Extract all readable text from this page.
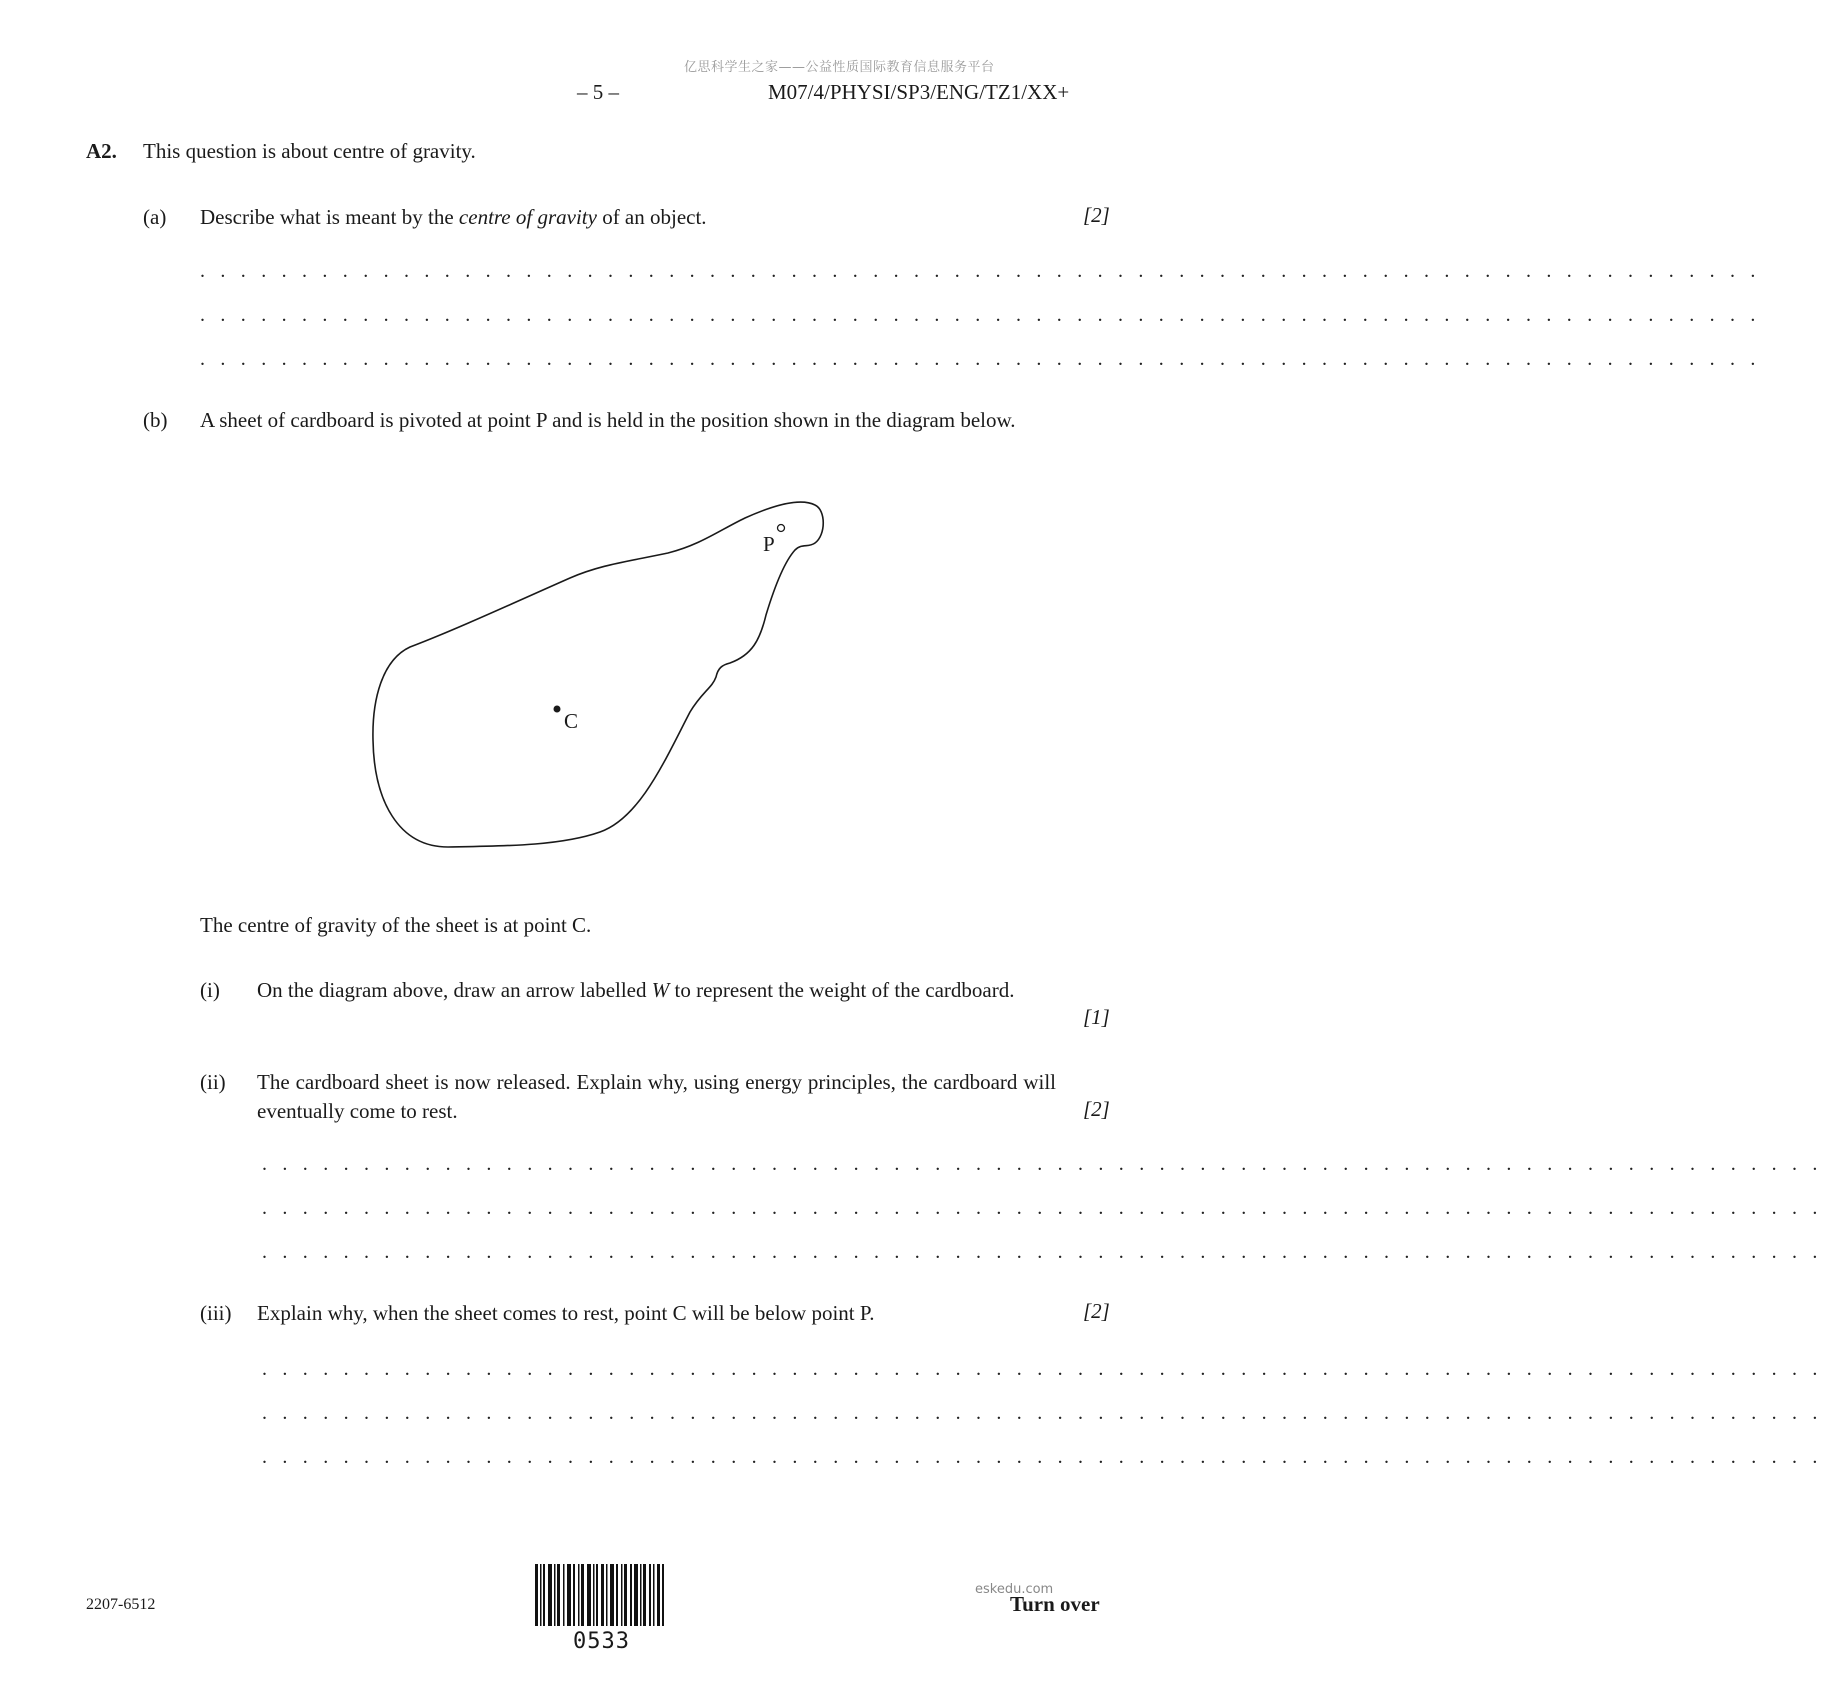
亿思科学生之家——公益性质国际教育信息服务平台
– 5 –	M07/4/PHYSI/SP3/ENG/TZ1/XX+
A2. This question is about centre of gravity.
(a) Describe what is meant by the centre of gravity of an object.	[2]
. . . . . . . . . . . . . . . . . . . . . . . . . . . . . . . . . . . . . . . . . . . . . . . . . . . . . . . . . . . . . . . . . . . . . . . . . . . . .
. . . . . . . . . . . . . . . . . . . . . . . . . . . . . . . . . . . . . . . . . . . . . . . . . . . . . . . . . . . . . . . . . . . . . . . . . . . . .
. . . . . . . . . . . . . . . . . . . . . . . . . . . . . . . . . . . . . . . . . . . . . . . . . . . . . . . . . . . . . . . . . . . . . . . . . . . . .
(b) A sheet of cardboard is pivoted at point P and is held in the position shown in the diagram below.
P
C
The centre of gravity of the sheet is at point C.
(i) On the diagram above, draw an arrow labelled W to represent the weight of the cardboard.
[1]
(ii) The cardboard sheet is now released. Explain why, using energy principles, the cardboard will eventually come to rest.	[2]
. . . . . . . . . . . . . . . . . . . . . . . . . . . . . . . . . . . . . . . . . . . . . . . . . . . . . . . . . . . . . . . . . . . . . . . . . . . . .
. . . . . . . . . . . . . . . . . . . . . . . . . . . . . . . . . . . . . . . . . . . . . . . . . . . . . . . . . . . . . . . . . . . . . . . . . . . . .
. . . . . . . . . . . . . . . . . . . . . . . . . . . . . . . . . . . . . . . . . . . . . . . . . . . . . . . . . . . . . . . . . . . . . . . . . . . . .
(iii) Explain why, when the sheet comes to rest, point C will be below point P.	[2]
. . . . . . . . . . . . . . . . . . . . . . . . . . . . . . . . . . . . . . . . . . . . . . . . . . . . . . . . . . . . . . . . . . . . . . . . . . . . .
. . . . . . . . . . . . . . . . . . . . . . . . . . . . . . . . . . . . . . . . . . . . . . . . . . . . . . . . . . . . . . . . . . . . . . . . . . . . .
. . . . . . . . . . . . . . . . . . . . . . . . . . . . . . . . . . . . . . . . . . . . . . . . . . . . . . . . . . . . . . . . . . . . . . . . . . . . .
2207-6512
0533
eskedu.com
Turn over
